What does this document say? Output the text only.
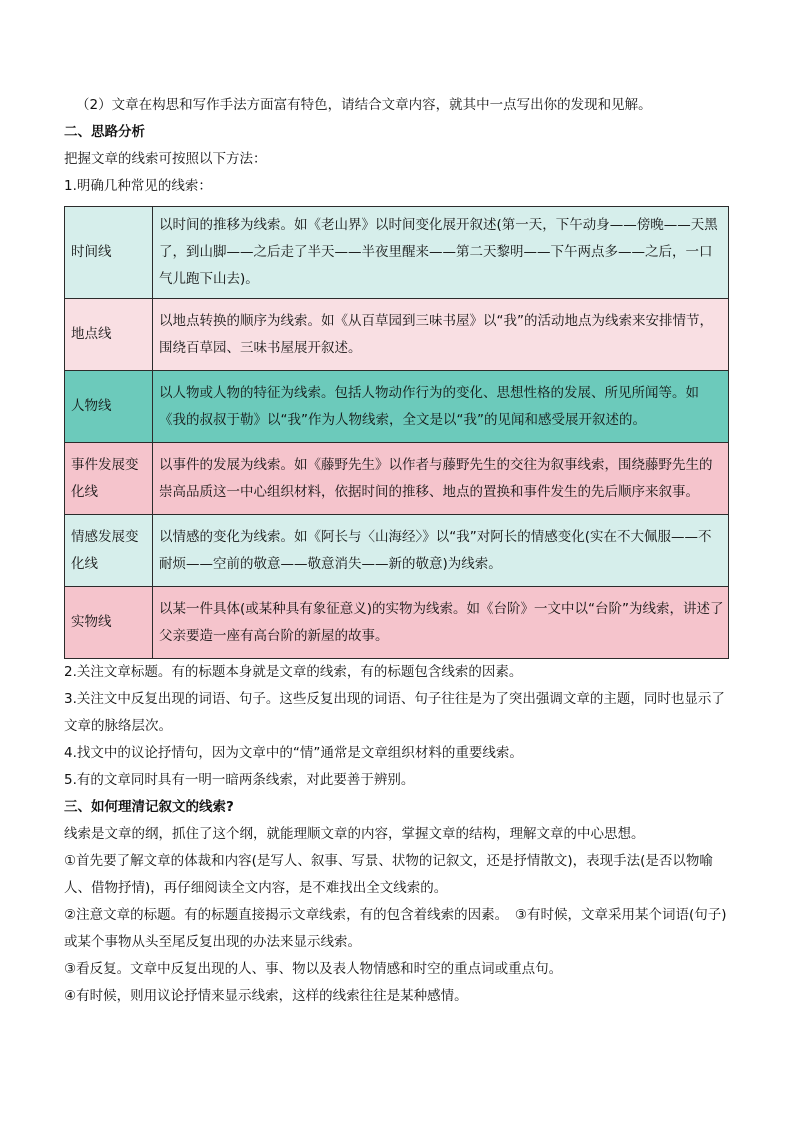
（2）文章在构思和写作手法方面富有特色，请结合文章内容，就其中一点写出你的发现和见解。

二、思路分析

把握文章的线索可按照以下方法：

1.明确几种常见的线索：

时间线	以时间的推移为线索。如《老山界》以时间变化展开叙述(第一天，下午动身——傍晚——天黑了，到山脚——之后走了半天——半夜里醒来——第二天黎明——下午两点多——之后，一口气儿跑下山去)。
地点线	以地点转换的顺序为线索。如《从百草园到三味书屋》以“我”的活动地点为线索来安排情节，围绕百草园、三味书屋展开叙述。
人物线	以人物或人物的特征为线索。包括人物动作行为的变化、思想性格的发展、所见所闻等。如《我的叔叔于勒》以“我”作为人物线索，全文是以“我”的见闻和感受展开叙述的。
事件发展变化线	以事件的发展为线索。如《藤野先生》以作者与藤野先生的交往为叙事线索，围绕藤野先生的崇高品质这一中心组织材料，依据时间的推移、地点的置换和事件发生的先后顺序来叙事。
情感发展变化线	以情感的变化为线索。如《阿长与〈山海经〉》以“我”对阿长的情感变化(实在不大佩服——不耐烦——空前的敬意——敬意消失——新的敬意)为线索。
实物线	以某一件具体(或某种具有象征意义)的实物为线索。如《台阶》一文中以“台阶”为线索，讲述了父亲要造一座有高台阶的新屋的故事。

2.关注文章标题。有的标题本身就是文章的线索，有的标题包含线索的因素。

3.关注文中反复出现的词语、句子。这些反复出现的词语、句子往往是为了突出强调文章的主题，同时也显示了文章的脉络层次。

4.找文中的议论抒情句，因为文章中的“情”通常是文章组织材料的重要线索。

5.有的文章同时具有一明一暗两条线索，对此要善于辨别。

三、如何理清记叙文的线索?

线索是文章的纲，抓住了这个纲，就能理顺文章的内容，掌握文章的结构，理解文章的中心思想。

①首先要了解文章的体裁和内容(是写人、叙事、写景、状物的记叙文，还是抒情散文)，表现手法(是否以物喻人、借物抒情)，再仔细阅读全文内容，是不难找出全文线索的。

②注意文章的标题。有的标题直接揭示文章线索，有的包含着线索的因素。　③有时候，文章采用某个词语(句子)或某个事物从头至尾反复出现的办法来显示线索。

③看反复。文章中反复出现的人、事、物以及表人物情感和时空的重点词或重点句。

④有时候，则用议论抒情来显示线索，这样的线索往往是某种感情。
